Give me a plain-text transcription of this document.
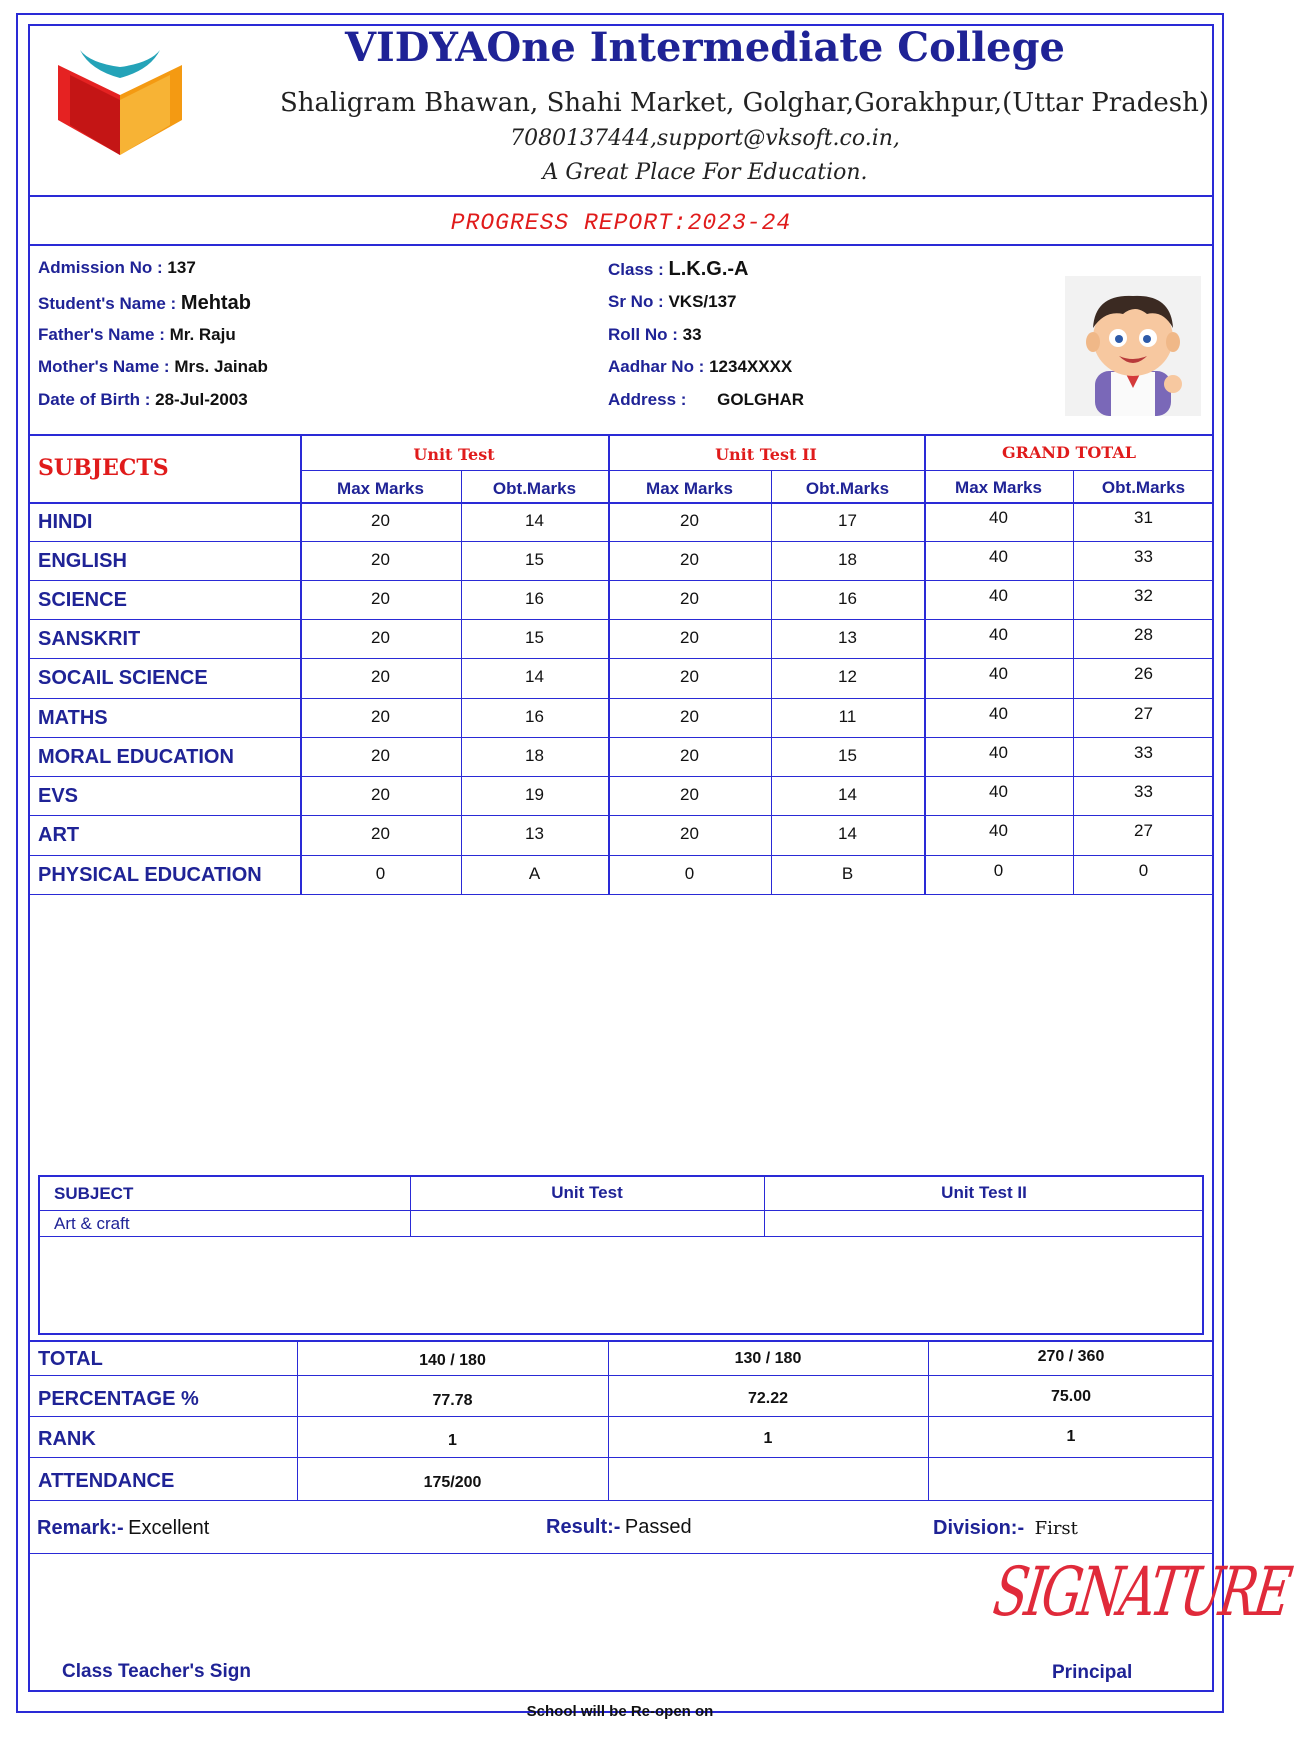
VIDYAOne Intermediate College
Shaligram Bhawan, Shahi Market, Golghar,Gorakhpur,(Uttar Pradesh)
7080137444,support@vksoft.co.in,
A Great Place For Education.
PROGRESS REPORT:2023-24
Admission No : 137
Student's Name : Mehtab
Father's Name : Mr. Raju
Mother's Name : Mrs. Jainab
Date of Birth : 28-Jul-2003
Class : L.K.G.-A
Sr No : VKS/137
Roll No : 33
Aadhar No : 1234XXXX
Address : GOLGHAR
SUBJECTS
Unit Test	Unit Test II	GRAND TOTAL
Max Marks	Obt.Marks	Max Marks	Obt.Marks	Max Marks	Obt.Marks
HINDI	20	14	20	17	40	31
ENGLISH	20	15	20	18	40	33
SCIENCE	20	16	20	16	40	32
SANSKRIT	20	15	20	13	40	28
SOCAIL SCIENCE	20	14	20	12	40	26
MATHS	20	16	20	11	40	27
MORAL EDUCATION	20	18	20	15	40	33
EVS	20	19	20	14	40	33
ART	20	13	20	14	40	27
PHYSICAL EDUCATION	0	A	0	B	0	0
SUBJECT	Unit Test	Unit Test II
Art & craft
TOTAL	140 / 180	130 / 180	270 / 360
PERCENTAGE %	77.78	72.22	75.00
RANK	1	1	1
ATTENDANCE	175/200
Remark:- Excellent	Result:- Passed	Division:- First
SIGNATURE
Class Teacher's Sign	Principal
School will be Re-open on
